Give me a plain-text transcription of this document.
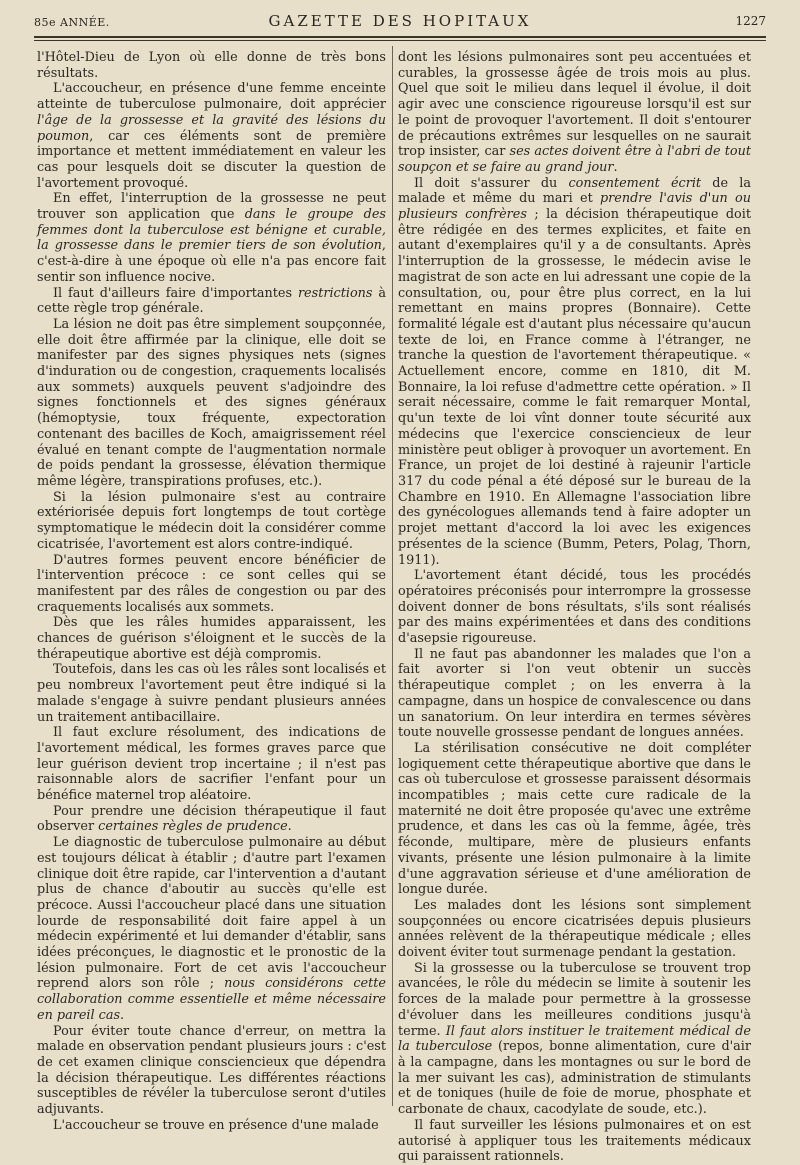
85e ANNÉE.	GAZETTE DES HOPITAUX	1227

l'Hôtel-Dieu de Lyon où elle donne de très bons résultats.

L'accoucheur, en présence d'une femme enceinte atteinte de tuberculose pulmonaire, doit apprécier l'âge de la grossesse et la gravité des lésions du poumon, car ces éléments sont de première importance et mettent immédiatement en valeur les cas pour lesquels doit se discuter la question de l'avortement provoqué.

En effet, l'interruption de la grossesse ne peut trouver son application que dans le groupe des femmes dont la tuberculose est bénigne et curable, la grossesse dans le premier tiers de son évolution, c'est-à-dire à une époque où elle n'a pas encore fait sentir son influence nocive.

Il faut d'ailleurs faire d'importantes restrictions à cette règle trop générale.

La lésion ne doit pas être simplement soupçonnée, elle doit être affirmée par la clinique, elle doit se manifester par des signes physiques nets (signes d'induration ou de congestion, craquements localisés aux sommets) auxquels peuvent s'adjoindre des signes fonctionnels et des signes généraux (hémoptysie, toux fréquente, expectoration contenant des bacilles de Koch, amaigrissement réel évalué en tenant compte de l'augmentation normale de poids pendant la grossesse, élévation thermique même légère, transpirations profuses, etc.).

Si la lésion pulmonaire s'est au contraire extériorisée depuis fort longtemps de tout cortège symptomatique le médecin doit la considérer comme cicatrisée, l'avortement est alors contre-indiqué.

D'autres formes peuvent encore bénéficier de l'intervention précoce : ce sont celles qui se manifestent par des râles de congestion ou par des craquements localisés aux sommets.

Dès que les râles humides apparaissent, les chances de guérison s'éloignent et le succès de la thérapeutique abortive est déjà compromis.

Toutefois, dans les cas où les râles sont localisés et peu nombreux l'avortement peut être indiqué si la malade s'engage à suivre pendant plusieurs années un traitement antibacillaire.

Il faut exclure résolument, des indications de l'avortement médical, les formes graves parce que leur guérison devient trop incertaine ; il n'est pas raisonnable alors de sacrifier l'enfant pour un bénéfice maternel trop aléatoire.

Pour prendre une décision thérapeutique il faut observer certaines règles de prudence.

Le diagnostic de tuberculose pulmonaire au début est toujours délicat à établir ; d'autre part l'examen clinique doit être rapide, car l'intervention a d'autant plus de chance d'aboutir au succès qu'elle est précoce. Aussi l'accoucheur placé dans une situation lourde de responsabilité doit faire appel à un médecin expérimenté et lui demander d'établir, sans idées préconçues, le diagnostic et le pronostic de la lésion pulmonaire. Fort de cet avis l'accoucheur reprend alors son rôle ; nous considérons cette collaboration comme essentielle et même nécessaire en pareil cas.

Pour éviter toute chance d'erreur, on mettra la malade en observation pendant plusieurs jours : c'est de cet examen clinique consciencieux que dépendra la décision thérapeutique. Les différentes réactions susceptibles de révéler la tuberculose seront d'utiles adjuvants.

L'accoucheur se trouve en présence d'une malade

dont les lésions pulmonaires sont peu accentuées et curables, la grossesse âgée de trois mois au plus. Quel que soit le milieu dans lequel il évolue, il doit agir avec une conscience rigoureuse lorsqu'il est sur le point de provoquer l'avortement. Il doit s'entourer de précautions extrêmes sur lesquelles on ne saurait trop insister, car ses actes doivent être à l'abri de tout soupçon et se faire au grand jour.

Il doit s'assurer du consentement écrit de la malade et même du mari et prendre l'avis d'un ou plusieurs confrères ; la décision thérapeutique doit être rédigée en des termes explicites, et faite en autant d'exemplaires qu'il y a de consultants. Après l'interruption de la grossesse, le médecin avise le magistrat de son acte en lui adressant une copie de la consultation, ou, pour être plus correct, en la lui remettant en mains propres (Bonnaire). Cette formalité légale est d'autant plus nécessaire qu'aucun texte de loi, en France comme à l'étranger, ne tranche la question de l'avortement thérapeutique. « Actuellement encore, comme en 1810, dit M. Bonnaire, la loi refuse d'admettre cette opération. » Il serait nécessaire, comme le fait remarquer Montal, qu'un texte de loi vînt donner toute sécurité aux médecins que l'exercice consciencieux de leur ministère peut obliger à provoquer un avortement. En France, un projet de loi destiné à rajeunir l'article 317 du code pénal a été déposé sur le bureau de la Chambre en 1910. En Allemagne l'association libre des gynécologues allemands tend à faire adopter un projet mettant d'accord la loi avec les exigences présentes de la science (Bumm, Peters, Polag, Thorn, 1911).

L'avortement étant décidé, tous les procédés opératoires préconisés pour interrompre la grossesse doivent donner de bons résultats, s'ils sont réalisés par des mains expérimentées et dans des conditions d'asepsie rigoureuse.

Il ne faut pas abandonner les malades que l'on a fait avorter si l'on veut obtenir un succès thérapeutique complet ; on les enverra à la campagne, dans un hospice de convalescence ou dans un sanatorium. On leur interdira en termes sévères toute nouvelle grossesse pendant de longues années.

La stérilisation consécutive ne doit compléter logiquement cette thérapeutique abortive que dans le cas où tuberculose et grossesse paraissent désormais incompatibles ; mais cette cure radicale de la maternité ne doit être proposée qu'avec une extrême prudence, et dans les cas où la femme, âgée, très féconde, multipare, mère de plusieurs enfants vivants, présente une lésion pulmonaire à la limite d'une aggravation sérieuse et d'une amélioration de longue durée.

Les malades dont les lésions sont simplement soupçonnées ou encore cicatrisées depuis plusieurs années relèvent de la thérapeutique médicale ; elles doivent éviter tout surmenage pendant la gestation.

Si la grossesse ou la tuberculose se trouvent trop avancées, le rôle du médecin se limite à soutenir les forces de la malade pour permettre à la grossesse d'évoluer dans les meilleures conditions jusqu'à terme. Il faut alors instituer le traitement médical de la tuberculose (repos, bonne alimentation, cure d'air à la campagne, dans les montagnes ou sur le bord de la mer suivant les cas), administration de stimulants et de toniques (huile de foie de morue, phosphate et carbonate de chaux, cacodylate de soude, etc.).

Il faut surveiller les lésions pulmonaires et on est autorisé à appliquer tous les traitements médicaux qui paraissent rationnels.
